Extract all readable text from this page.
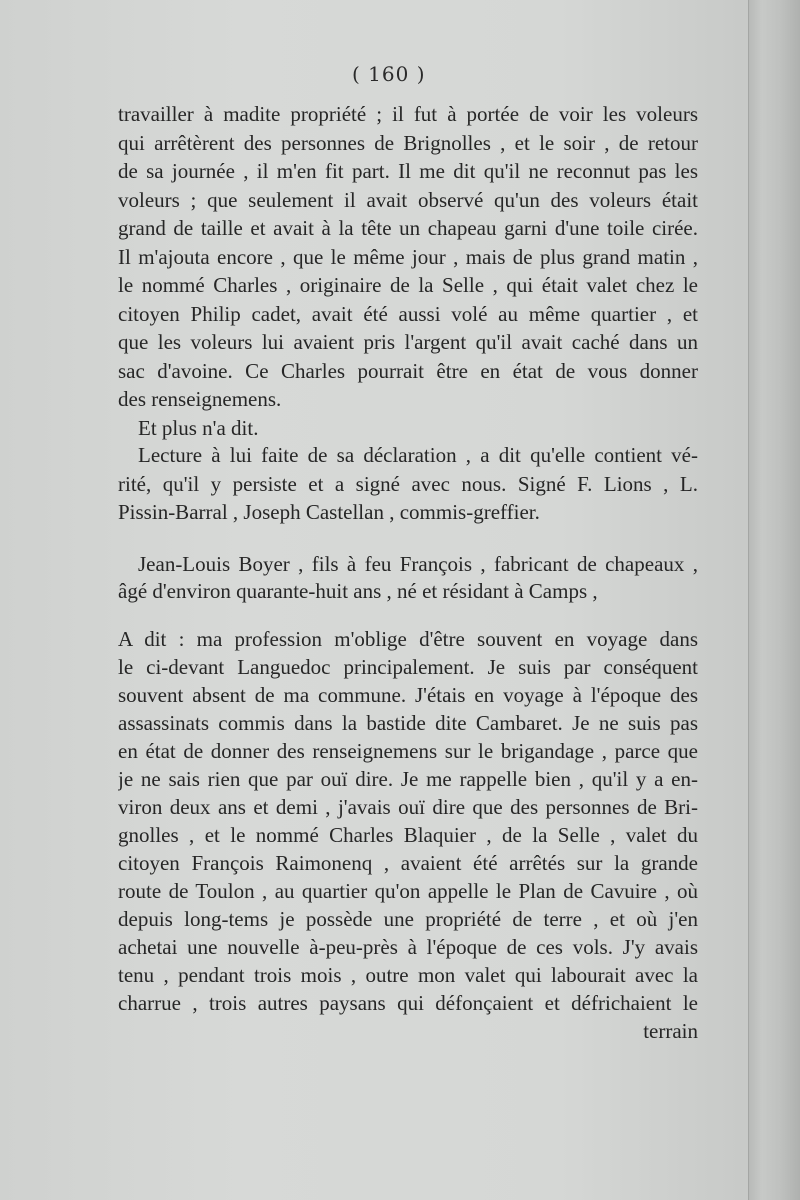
( 160 )
travailler à madite propriété ; il fut à portée de voir les voleurs
qui arrêtèrent des personnes de Brignolles , et le soir , de retour
de sa journée , il m'en fit part. Il me dit qu'il ne reconnut pas les
voleurs ; que seulement il avait observé qu'un des voleurs était
grand de taille et avait à la tête un chapeau garni d'une toile cirée.
Il m'ajouta encore , que le même jour , mais de plus grand matin ,
le nommé Charles , originaire de la Selle , qui était valet chez le
citoyen Philip cadet, avait été aussi volé au même quartier , et
que les voleurs lui avaient pris l'argent qu'il avait caché dans un
sac d'avoine. Ce Charles pourrait être en état de vous donner
des renseignemens.
Et plus n'a dit.
Lecture à lui faite de sa déclaration , a dit qu'elle contient vé-
rité, qu'il y persiste et a signé avec nous. Signé F. Lions , L.
Pissin-Barral , Joseph Castellan , commis-greffier.
Jean-Louis Boyer , fils à feu François , fabricant de chapeaux ,
âgé d'environ quarante-huit ans , né et résidant à Camps ,
A dit : ma profession m'oblige d'être souvent en voyage dans
le ci-devant Languedoc principalement. Je suis par conséquent
souvent absent de ma commune. J'étais en voyage à l'époque des
assassinats commis dans la bastide dite Cambaret. Je ne suis pas
en état de donner des renseignemens sur le brigandage , parce que
je ne sais rien que par ouï dire. Je me rappelle bien , qu'il y a en-
viron deux ans et demi , j'avais ouï dire que des personnes de Bri-
gnolles , et le nommé Charles Blaquier , de la Selle , valet du
citoyen François Raimonenq , avaient été arrêtés sur la grande
route de Toulon , au quartier qu'on appelle le Plan de Cavuire , où
depuis long-tems je possède une propriété de terre , et où j'en
achetai une nouvelle à-peu-près à l'époque de ces vols. J'y avais
tenu , pendant trois mois , outre mon valet qui labourait avec la
charrue , trois autres paysans qui défonçaient et défrichaient le
terrain
